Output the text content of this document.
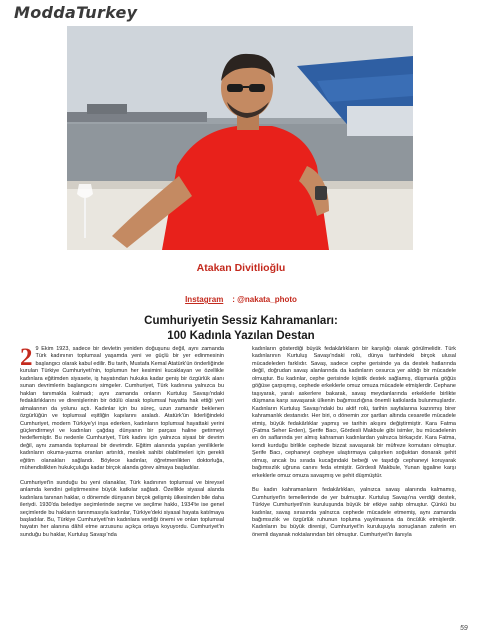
ModdaTurkey
Atakan Divitlioğlu
Instagram : @nakata_photo
Cumhuriyetin Sessiz Kahramanları:
100 Kadınla Yazılan Destan

2 9 Ekim 1923, sadece bir devletin yeniden doğuşunu değil, aynı zamanda Türk kadınının toplumsal yaşamda yeni ve güçlü bir yer edinmesinin başlangıcı olarak kabul edilir. Bu tarih, Mustafa Kemal Atatürk'ün önderliğinde kurulan Türkiye Cumhuriyeti'nin, toplumun her kesimini kucaklayan ve özellikle kadınlara eğitimden siyasete, iş hayatından hukuka kadar geniş bir özgürlük alanı sunan devrimlerin başlangıcını simgeler. Cumhuriyet, Türk kadınına yalnızca bu hakları tanımakla kalmadı; aynı zamanda onların Kurtuluş Savaşı'ndaki fedakârlıklarını ve direnişlerinin bir ödülü olarak toplumsal hayatta hak ettiği yeri almalarının da yolunu açtı. Kadınlar için bu süreç, uzun zamandır beklenen özgürlüğün ve toplumsal eşitliğin kapılarını araladı. Atatürk'ün liderliğindeki Cumhuriyet, modern Türkiye'yi inşa ederken, kadınların toplumsal hayattaki yerini güçlendirmeyi ve kadınları çağdaş dünyanın bir parçası haline getirmeyi hedeflemiştir. Bu nedenle Cumhuriyet, Türk kadını için yalnızca siyasi bir devrim değil, aynı zamanda toplumsal bir devrimdir. Eğitim alanında yapılan yeniliklerle kadınların okuma-yazma oranları artırıldı, meslek sahibi olabilmeleri için gerekli eğitim olanakları sağlandı. Böylece kadınlar, öğretmenlikten doktorluğa, mühendislikten hukukçuluğa kadar birçok alanda görev almaya başladılar.

Cumhuriyet'in sunduğu bu yeni olanaklar, Türk kadınının toplumsal ve bireysel anlamda kendini geliştirmesine büyük katkılar sağladı. Özellikle siyasal alanda kadınlara tanınan haklar, o dönemde dünyanın birçok gelişmiş ülkesinden bile daha ileriydi. 1930'da belediye seçimlerinde seçme ve seçilme hakkı, 1934'te ise genel seçimlerde bu hakların tanınmasıyla kadınlar, Türkiye'deki siyasal hayata katılmaya başladılar. Bu, Türkiye Cumhuriyeti'nin kadınlara verdiği önemi ve onları toplumsal hayatın her alanına dâhil etme arzusunu açıkça ortaya koyuyordu. Cumhuriyet'in sunduğu bu haklar, Kurtuluş Savaşı'nda

kadınların gösterdiği büyük fedakârlıkların bir karşılığı olarak görülmelidir. Türk kadınlarının Kurtuluş Savaşı'ndaki rolü, dünya tarihindeki birçok ulusal mücadeleden farklıdır. Savaş, sadece cephe gerisinde ya da destek hatlarında değil, doğrudan savaş alanlarında da kadınların cesurca yer aldığı bir mücadele olmuştur. Bu kadınlar, cephe gerisinde lojistik destek sağlamış, düşmanla göğüs göğüse çarpışmış, cephede erkeklerle omuz omuza mücadele etmişlerdir. Cephane taşıyarak, yaralı askerlere bakarak, savaş meydanlarında erkeklerle birlikte düşmana karşı savaşarak ülkenin bağımsızlığına önemli katkılarda bulunmuşlardır. Kadınların Kurtuluş Savaşı'ndaki bu aktif rolü, tarihin sayfalarına kazınmış birer kahramanlık destanıdır. Her biri, o dönemin zor şartları altında cesaretle mücadele etmiş, büyük fedakârlıklar yapmış ve tarihin akışını değiştirmiştir. Kara Fatma (Fatma Seher Erden), Şerife Bacı, Gördesli Makbule gibi isimler, bu mücadelenin en ön saflarında yer almış kahraman kadınlardan yalnızca birkaçıdır. Kara Fatma, kendi kurduğu birlikle cephede bizzat savaşarak bir müfreze komutanı olmuştur. Şerife Bacı, cephaneyi cepheye ulaştırmaya çalışırken soğuktan donarak şehit olmuş, ancak bu sırada kucağındaki bebeği ve taşıdığı cephaneyi koruyarak bağımsızlık uğruna canını feda etmiştir. Gördesli Makbule, Yunan işgaline karşı erkeklerle omuz omuza savaşmış ve şehit düşmüştür.

Bu kadın kahramanların fedakârlıkları, yalnızca savaş alanında kalmamış, Cumhuriyet'in temellerinde de yer bulmuştur. Kurtuluş Savaşı'na verdiği destek, Türkiye Cumhuriyeti'nin kuruluşunda büyük bir etkiye sahip olmuştur. Çünkü bu kadınlar, savaş sırasında yalnızca cephede mücadele etmemiş, aynı zamanda bağımsızlık ve özgürlük ruhunun topluma yayılmasına da öncülük etmişlerdir. Kadınların bu büyük direnişi, Cumhuriyet'in kuruluşuyla sonuçlanan zaferin en önemli dayanak noktalarından biri olmuştur. Cumhuriyet'in ilanıyla

59
